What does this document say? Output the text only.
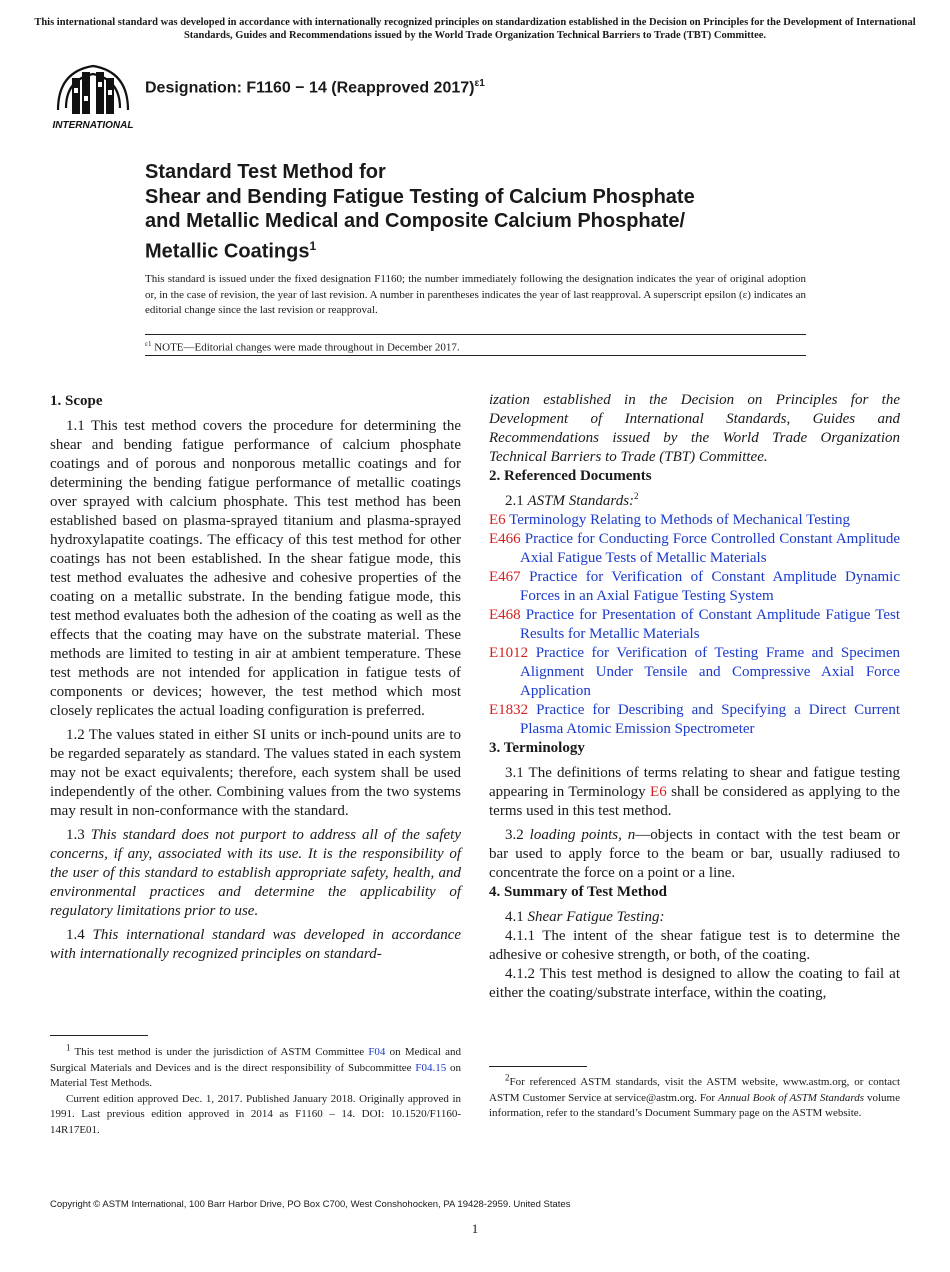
This international standard was developed in accordance with internationally recognized principles on standardization established in the Decision on Principles for the Development of International Standards, Guides and Recommendations issued by the World Trade Organization Technical Barriers to Trade (TBT) Committee.
INTERNATIONAL
Designation: F1160 − 14 (Reapproved 2017)$^{\varepsilon 1}$
Standard Test Method for
Shear and Bending Fatigue Testing of Calcium Phosphate
and Metallic Medical and Composite Calcium Phosphate/
Metallic Coatings$^1$
This standard is issued under the fixed designation F1160; the number immediately following the designation indicates the year of original adoption or, in the case of revision, the year of last revision. A number in parentheses indicates the year of last reapproval. A superscript epsilon (ε) indicates an editorial change since the last revision or reapproval.
$^{\varepsilon 1}$ NOTE—Editorial changes were made throughout in December 2017.
1. Scope

1.1 This test method covers the procedure for determining the shear and bending fatigue performance of calcium phosphate coatings and of porous and nonporous metallic coatings and for determining the bending fatigue performance of metallic coatings over sprayed with calcium phosphate. This test method has been established based on plasma-sprayed titanium and plasma-sprayed hydroxylapatite coatings. The efficacy of this test method for other coatings has not been established. In the shear fatigue mode, this test method evaluates the adhesive and cohesive properties of the coating on a metallic substrate. In the bending fatigue mode, this test method evaluates both the adhesion of the coating as well as the effects that the coating may have on the substrate material. These methods are limited to testing in air at ambient temperature. These test methods are not intended for application in fatigue tests of components or devices; however, the test method which most closely replicates the actual loading configuration is preferred.

1.2 The values stated in either SI units or inch-pound units are to be regarded separately as standard. The values stated in each system may not be exact equivalents; therefore, each system shall be used independently of the other. Combining values from the two systems may result in non-conformance with the standard.

1.3 This standard does not purport to address all of the safety concerns, if any, associated with its use. It is the responsibility of the user of this standard to establish appropriate safety, health, and environmental practices and determine the applicability of regulatory limitations prior to use.

1.4 This international standard was developed in accordance with internationally recognized principles on standard-

ization established in the Decision on Principles for the Development of International Standards, Guides and Recommendations issued by the World Trade Organization Technical Barriers to Trade (TBT) Committee.

2. Referenced Documents

2.1 ASTM Standards:$^2$

E6 Terminology Relating to Methods of Mechanical Testing
E466 Practice for Conducting Force Controlled Constant Amplitude Axial Fatigue Tests of Metallic Materials
E467 Practice for Verification of Constant Amplitude Dynamic Forces in an Axial Fatigue Testing System
E468 Practice for Presentation of Constant Amplitude Fatigue Test Results for Metallic Materials
E1012 Practice for Verification of Testing Frame and Specimen Alignment Under Tensile and Compressive Axial Force Application
E1832 Practice for Describing and Specifying a Direct Current Plasma Atomic Emission Spectrometer
3. Terminology

3.1 The definitions of terms relating to shear and fatigue testing appearing in Terminology E6 shall be considered as applying to the terms used in this test method.

3.2 loading points, n—objects in contact with the test beam or bar used to apply force to the beam or bar, usually radiused to concentrate the force on a point or a line.

4. Summary of Test Method

4.1 Shear Fatigue Testing:

4.1.1 The intent of the shear fatigue test is to determine the adhesive or cohesive strength, or both, of the coating.

4.1.2 This test method is designed to allow the coating to fail at either the coating/substrate interface, within the coating,

$^1$ This test method is under the jurisdiction of ASTM Committee F04 on Medical and Surgical Materials and Devices and is the direct responsibility of Subcommittee F04.15 on Material Test Methods.

Current edition approved Dec. 1, 2017. Published January 2018. Originally approved in 1991. Last previous edition approved in 2014 as F1160 – 14. DOI: 10.1520/F1160-14R17E01.

$^2$For referenced ASTM standards, visit the ASTM website, www.astm.org, or contact ASTM Customer Service at service@astm.org. For Annual Book of ASTM Standards volume information, refer to the standard’s Document Summary page on the ASTM website.

Copyright © ASTM International, 100 Barr Harbor Drive, PO Box C700, West Conshohocken, PA 19428-2959. United States
1
